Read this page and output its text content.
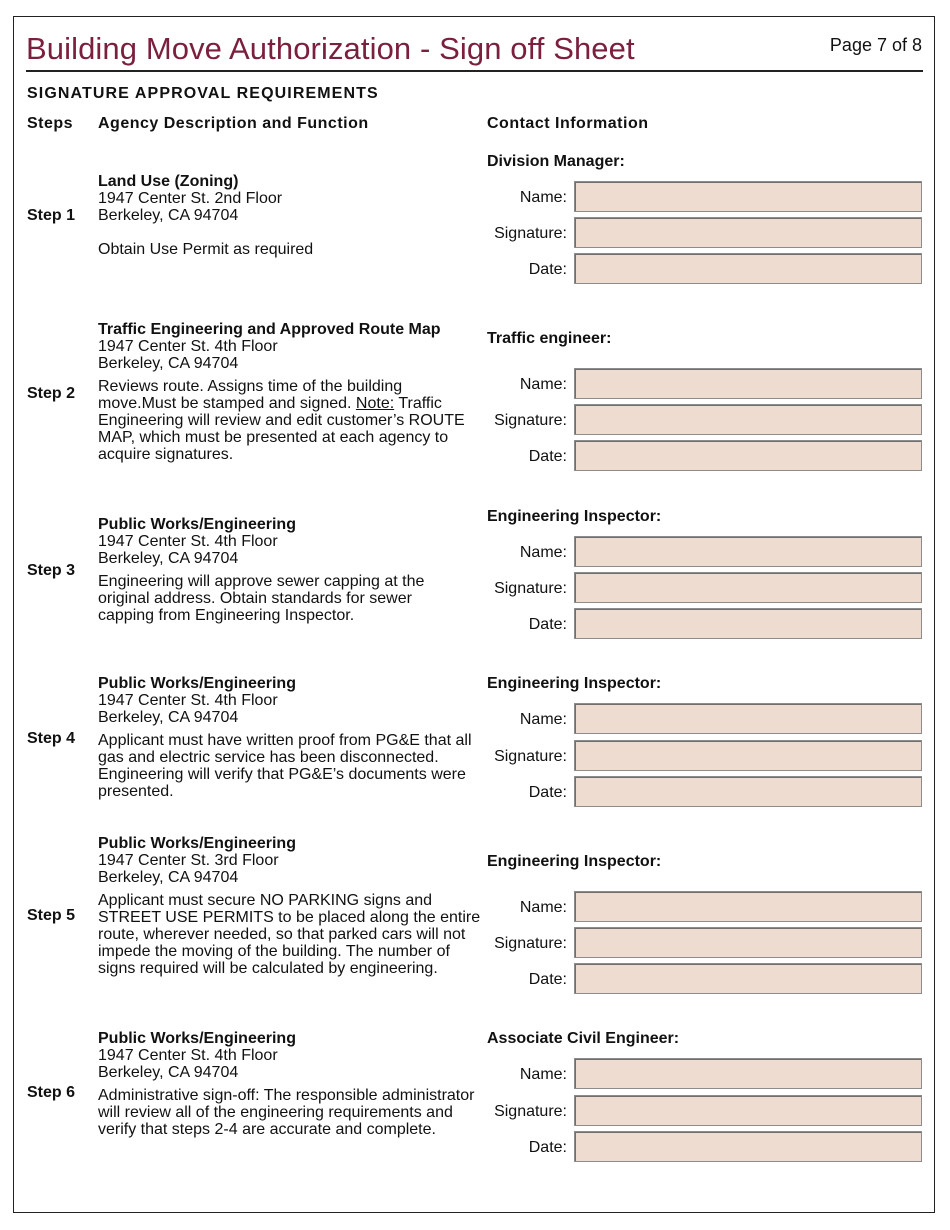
Building Move Authorization - Sign off Sheet	Page 7 of 8
SIGNATURE APPROVAL REQUIREMENTS
Steps Agency Description and Function	Contact Information
Step 1
Land Use (Zoning)
1947 Center St. 2nd Floor
Berkeley, CA 94704
Obtain Use Permit as required
Division Manager:
Name:
Signature:
Date:
Step 2
Traffic Engineering and Approved Route Map
1947 Center St. 4th Floor
Berkeley, CA 94704
Reviews route. Assigns time of the building move.Must be stamped and signed. Note: Traffic Engineering will review and edit customer’s ROUTE MAP, which must be presented at each agency to acquire signatures.
Traffic engineer:
Name:
Signature:
Date:
Step 3
Public Works/Engineering
1947 Center St. 4th Floor
Berkeley, CA 94704
Engineering will approve sewer capping at the original address. Obtain standards for sewer capping from Engineering Inspector.
Engineering Inspector:
Name:
Signature:
Date:
Step 4
Public Works/Engineering
1947 Center St. 4th Floor
Berkeley, CA 94704
Applicant must have written proof from PG&E that all gas and electric service has been disconnected. Engineering will verify that PG&E’s documents were presented.
Engineering Inspector:
Name:
Signature:
Date:
Step 5
Public Works/Engineering
1947 Center St. 3rd Floor
Berkeley, CA 94704
Applicant must secure NO PARKING signs and STREET USE PERMITS to be placed along the entire route, wherever needed, so that parked cars will not impede the moving of the building. The number of signs required will be calculated by engineering.
Engineering Inspector:
Name:
Signature:
Date:
Step 6
Public Works/Engineering
1947 Center St. 4th Floor
Berkeley, CA 94704
Administrative sign-off: The responsible administrator will review all of the engineering requirements and verify that steps 2-4 are accurate and complete.
Associate Civil Engineer:
Name:
Signature:
Date:
